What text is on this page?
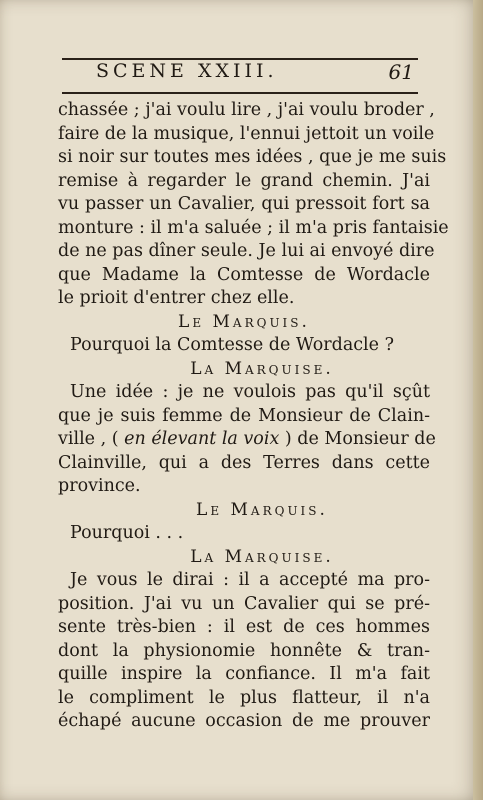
SCENE XXIII.	61
chassée ; j'ai voulu lire , j'ai voulu broder ,
faire de la musique, l'ennui jettoit un voile
si noir sur toutes mes idées , que je me suis
remise à regarder le grand chemin. J'ai
vu passer un Cavalier, qui pressoit fort sa
monture : il m'a saluée ; il m'a pris fantaisie
de ne pas dîner seule. Je lui ai envoyé dire
que Madame la Comtesse de Wordacle
le prioit d'entrer chez elle.
Le Marquis.
Pourquoi la Comtesse de Wordacle ?
La Marquise.
Une idée : je ne voulois pas qu'il sçût
que je suis femme de Monsieur de Clain-
ville , ( en élevant la voix ) de Monsieur de
Clainville, qui a des Terres dans cette
province.
Le Marquis.
Pourquoi . . .
La Marquise.
Je vous le dirai : il a accepté ma pro-
position. J'ai vu un Cavalier qui se pré-
sente très-bien : il est de ces hommes
dont la physionomie honnête & tran-
quille inspire la confiance. Il m'a fait
le compliment le plus flatteur, il n'a
échapé aucune occasion de me prouver
